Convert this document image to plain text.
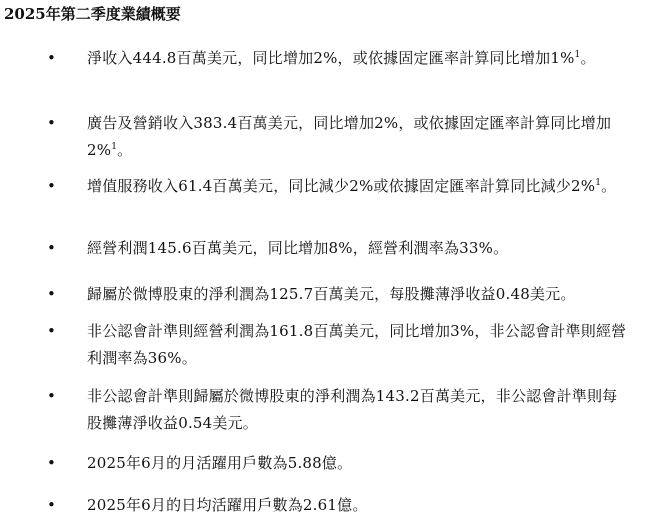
2025年第二季度業績概要
• 淨收入444.8百萬美元，同比增加2%，或依據固定匯率計算同比增加1%$^1$。
• 廣告及營銷收入383.4百萬美元，同比增加2%，或依據固定匯率計算同比增加2%$^1$。
• 增值服務收入61.4百萬美元，同比減少2%或依據固定匯率計算同比減少2%$^1$。
• 經營利潤145.6百萬美元，同比增加8%，經營利潤率為33%。
• 歸屬於微博股東的淨利潤為125.7百萬美元，每股攤薄淨收益0.48美元。
• 非公認會計準則經營利潤為161.8百萬美元，同比增加3%，非公認會計準則經營利潤率為36%。
• 非公認會計準則歸屬於微博股東的淨利潤為143.2百萬美元，非公認會計準則每股攤薄淨收益0.54美元。
• 2025年6月的月活躍用戶數為5.88億。
• 2025年6月的日均活躍用戶數為2.61億。
